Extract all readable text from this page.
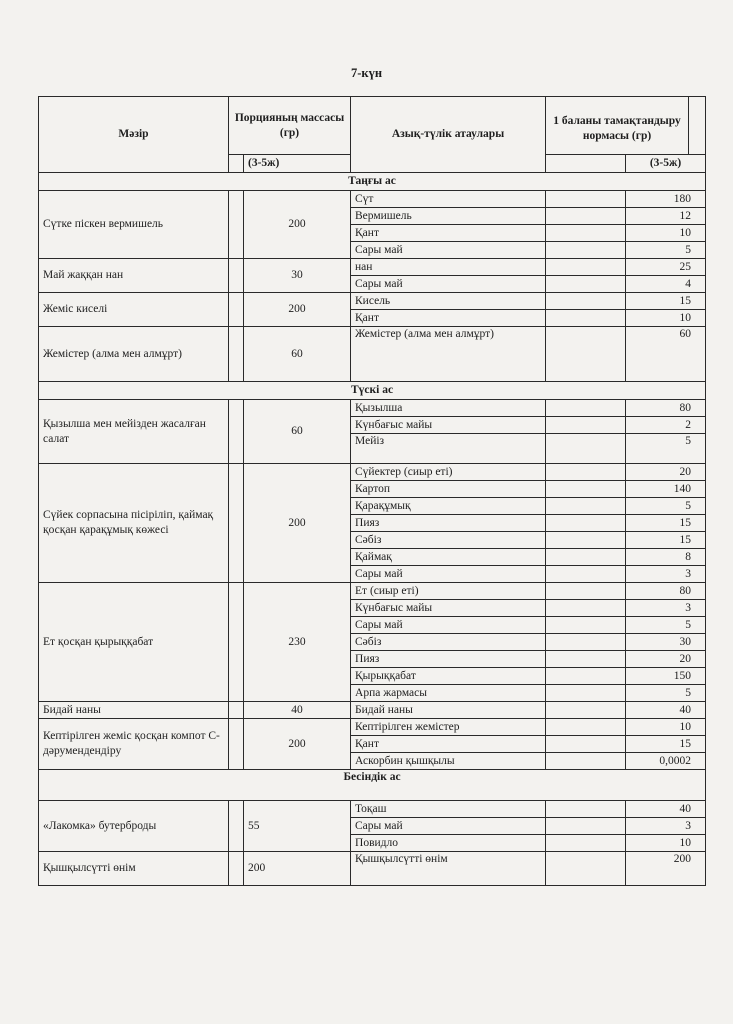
7-күн
Мәзір	Порцияның массасы (гр)		Азық-түлік атаулары	1 баланы тамақтандыру нормасы (гр)		
		(3-5ж)			(3-5ж)	
Таңғы ас						
Сүтке піскен вермишель		200	Сүт		180	
			Вермишель		12	
			Қант		10	
			Сары май		5	
Май жаққан нан		30	нан		25	
			Сары май		4	
Жеміс киселі		200	Кисель		15	
			Қант		10	
Жемістер (алма мен алмұрт)		60	Жемістер (алма мен алмұрт)		60	
Түскі ас						
Қызылша мен мейізден жасалған салат		60	Қызылша		80	
			Күнбағыс майы		2	
			Мейіз		5	
Сүйек сорпасына пісіріліп, қаймақ қосқан қарақұмық көжесі		200	Сүйектер (сиыр еті)		20	
			Картоп		140	
			Қарақұмық		5	
			Пияз		15	
			Сәбіз		15	
			Қаймақ		8	
			Сары май		3	
Ет қосқан қырыққабат		230	Ет (сиыр еті)		80	
			Күнбағыс майы		3	
			Сары май		5	
			Сәбіз		30	
			Пияз		20	
			Қырыққабат		150	
			Арпа жармасы		5	
Бидай наны		40	Бидай наны		40	
Кептірілген жеміс қосқан компот С-дәрумендендіру		200	Кептірілген жемістер		10	
			Қант		15	
			Аскорбин қышқылы		0,0002	
Бесіндік ас						
«Лакомка» бутерброды		55	Тоқаш		40	
			Сары май		3	
			Повидло		10	
Қышқылсүтті өнім		200	Қышқылсүтті өнім		200	
